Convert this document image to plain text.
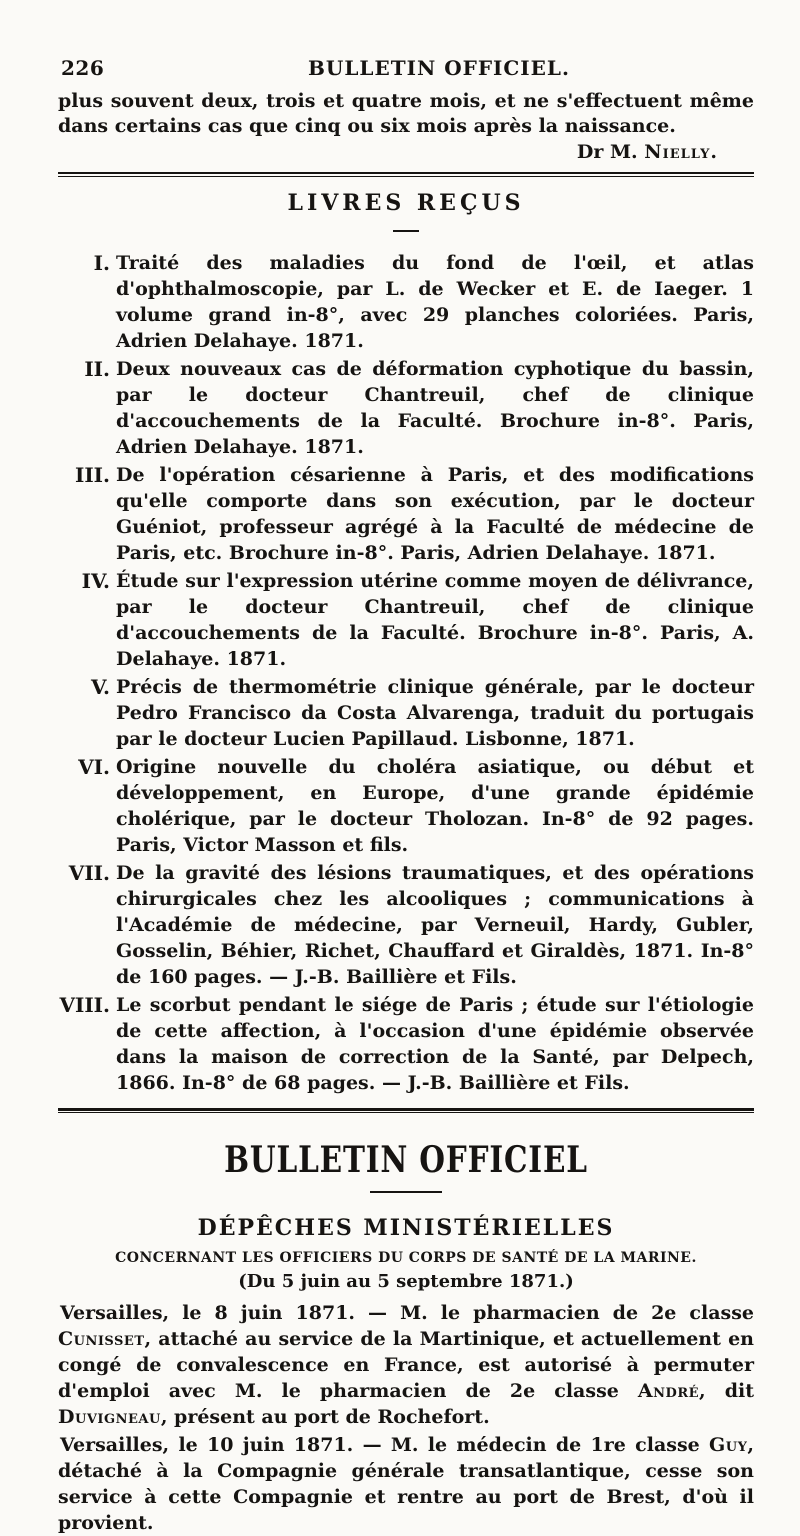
226	BULLETIN OFFICIEL.

plus souvent deux, trois et quatre mois, et ne s'effectuent même dans certains cas que cinq ou six mois après la naissance.

Dr M. Nielly.
LIVRES REÇUS
I. Traité des maladies du fond de l'œil, et atlas d'ophthalmoscopie, par L. de Wecker et E. de Iaeger. 1 volume grand in-8°, avec 29 planches coloriées. Paris, Adrien Delahaye. 1871.
II. Deux nouveaux cas de déformation cyphotique du bassin, par le docteur Chantreuil, chef de clinique d'accouchements de la Faculté. Brochure in-8°. Paris, Adrien Delahaye. 1871.
III. De l'opération césarienne à Paris, et des modifications qu'elle comporte dans son exécution, par le docteur Guéniot, professeur agrégé à la Faculté de médecine de Paris, etc. Brochure in-8°. Paris, Adrien Delahaye. 1871.
IV. Étude sur l'expression utérine comme moyen de délivrance, par le docteur Chantreuil, chef de clinique d'accouchements de la Faculté. Brochure in-8°. Paris, A. Delahaye. 1871.
V. Précis de thermométrie clinique générale, par le docteur Pedro Francisco da Costa Alvarenga, traduit du portugais par le docteur Lucien Papillaud. Lisbonne, 1871.
VI. Origine nouvelle du choléra asiatique, ou début et développement, en Europe, d'une grande épidémie cholérique, par le docteur Tholozan. In-8° de 92 pages. Paris, Victor Masson et fils.
VII. De la gravité des lésions traumatiques, et des opérations chirurgicales chez les alcooliques ; communications à l'Académie de médecine, par Verneuil, Hardy, Gubler, Gosselin, Béhier, Richet, Chauffard et Giraldès, 1871. In-8° de 160 pages. — J.-B. Baillière et Fils.
VIII. Le scorbut pendant le siége de Paris ; étude sur l'étiologie de cette affection, à l'occasion d'une épidémie observée dans la maison de correction de la Santé, par Delpech, 1866. In-8° de 68 pages. — J.-B. Baillière et Fils.
BULLETIN OFFICIEL
DÉPÊCHES MINISTÉRIELLES
CONCERNANT LES OFFICIERS DU CORPS DE SANTÉ DE LA MARINE.
(Du 5 juin au 5 septembre 1871.)

Versailles, le 8 juin 1871. — M. le pharmacien de 2e classe Cunisset, attaché au service de la Martinique, et actuellement en congé de convalescence en France, est autorisé à permuter d'emploi avec M. le pharmacien de 2e classe André, dit Duvigneau, présent au port de Rochefort.

Versailles, le 10 juin 1871. — M. le médecin de 1re classe Guy, détaché à la Compagnie générale transatlantique, cesse son service à cette Compagnie et rentre au port de Brest, d'où il provient.
